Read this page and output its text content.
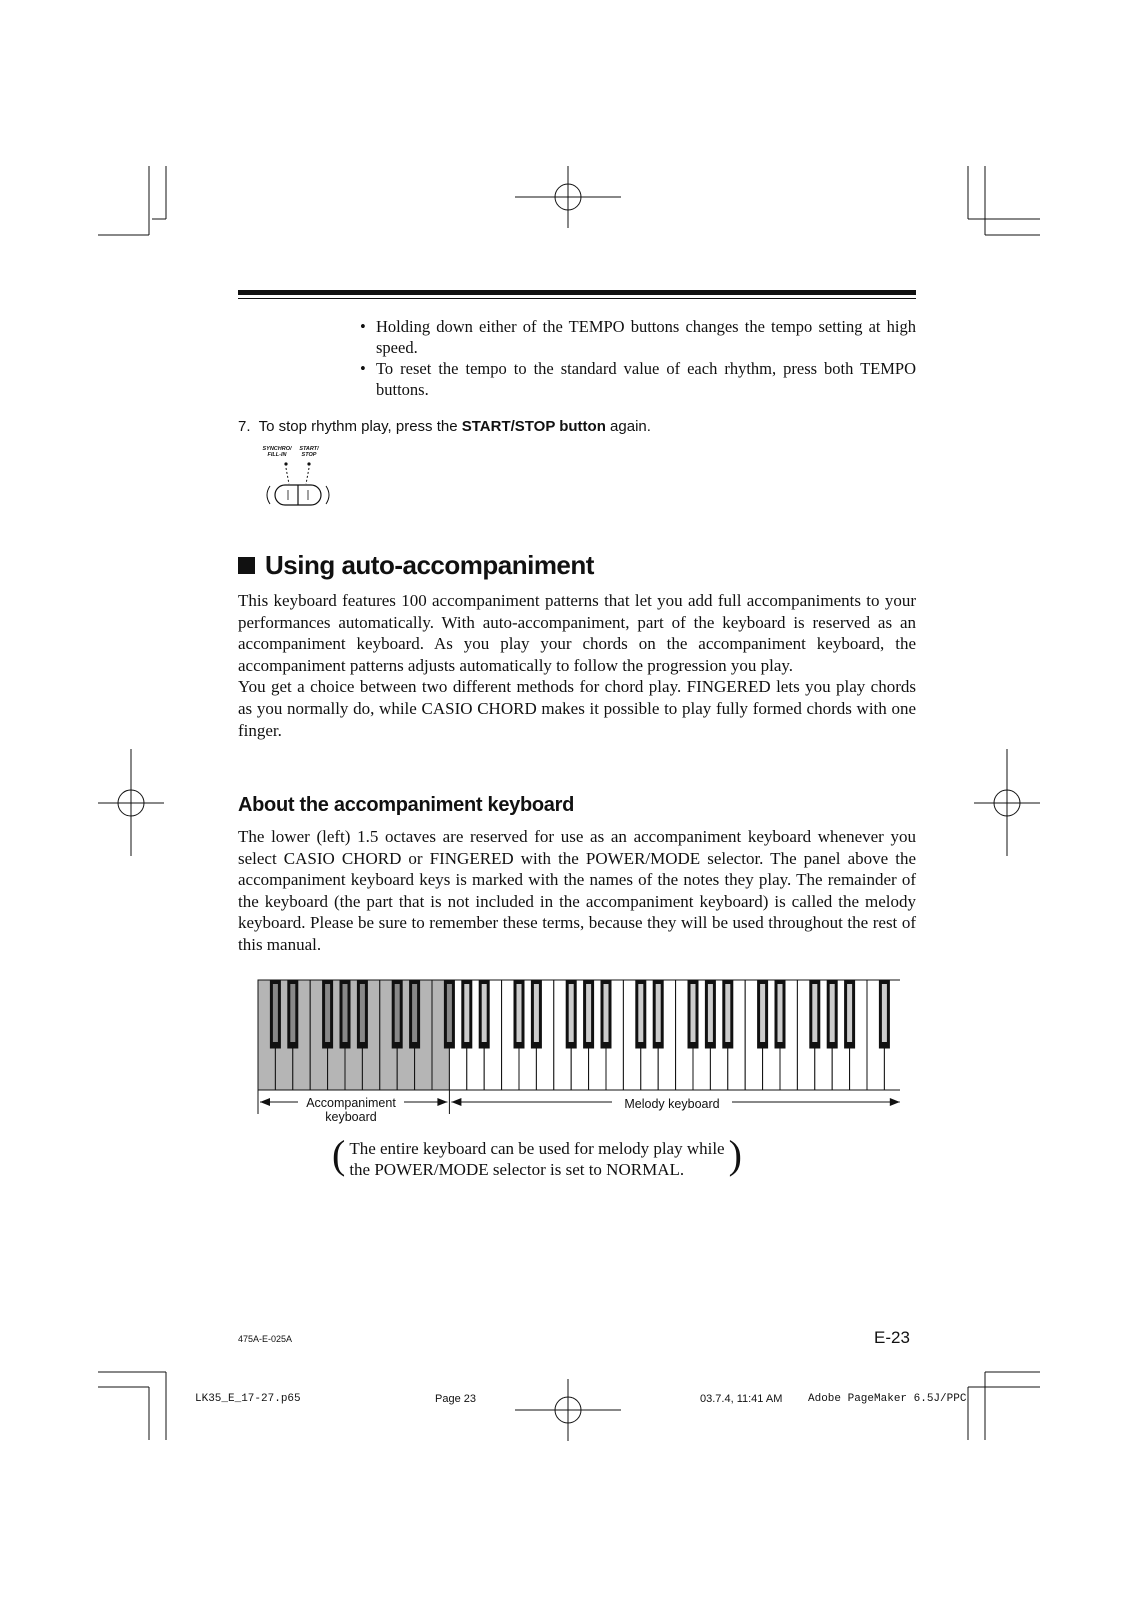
• Holding down either of the TEMPO buttons changes the tempo setting at high speed.
• To reset the tempo to the standard value of each rhythm, press both TEMPO buttons.
7.  To stop rhythm play, press the START/STOP button again.
SYNCHRO/
FILL-IN
START/
STOP
Using auto-accompaniment
This keyboard features 100 accompaniment patterns that let you add full accompaniments to your performances automatically. With auto-accompaniment, part of the keyboard is reserved as an accompaniment keyboard. As you play your chords on the accompaniment keyboard, the accompaniment patterns adjusts automatically to follow the progression you play.
You get a choice between two different methods for chord play. FINGERED lets you play chords as you normally do, while CASIO CHORD makes it possible to play fully formed chords with one finger.
About the accompaniment keyboard
The lower (left) 1.5 octaves are reserved for use as an accompaniment keyboard whenever you select CASIO CHORD or FINGERED with the POWER/MODE selector. The panel above the accompaniment keyboard keys is marked with the names of the notes they play. The remainder of the keyboard (the part that is not included in the accompaniment keyboard) is called the melody keyboard. Please be sure to remember these terms, because they will be used throughout the rest of this manual.
Accompaniment
keyboard
Melody keyboard
( The entire keyboard can be used for melody play while
the POWER/MODE selector is set to NORMAL.	)
475A-E-025A	E-23
LK35_E_17-27.p65	Page 23	03.7.4, 11:41 AM Adobe PageMaker 6.5J/PPC
